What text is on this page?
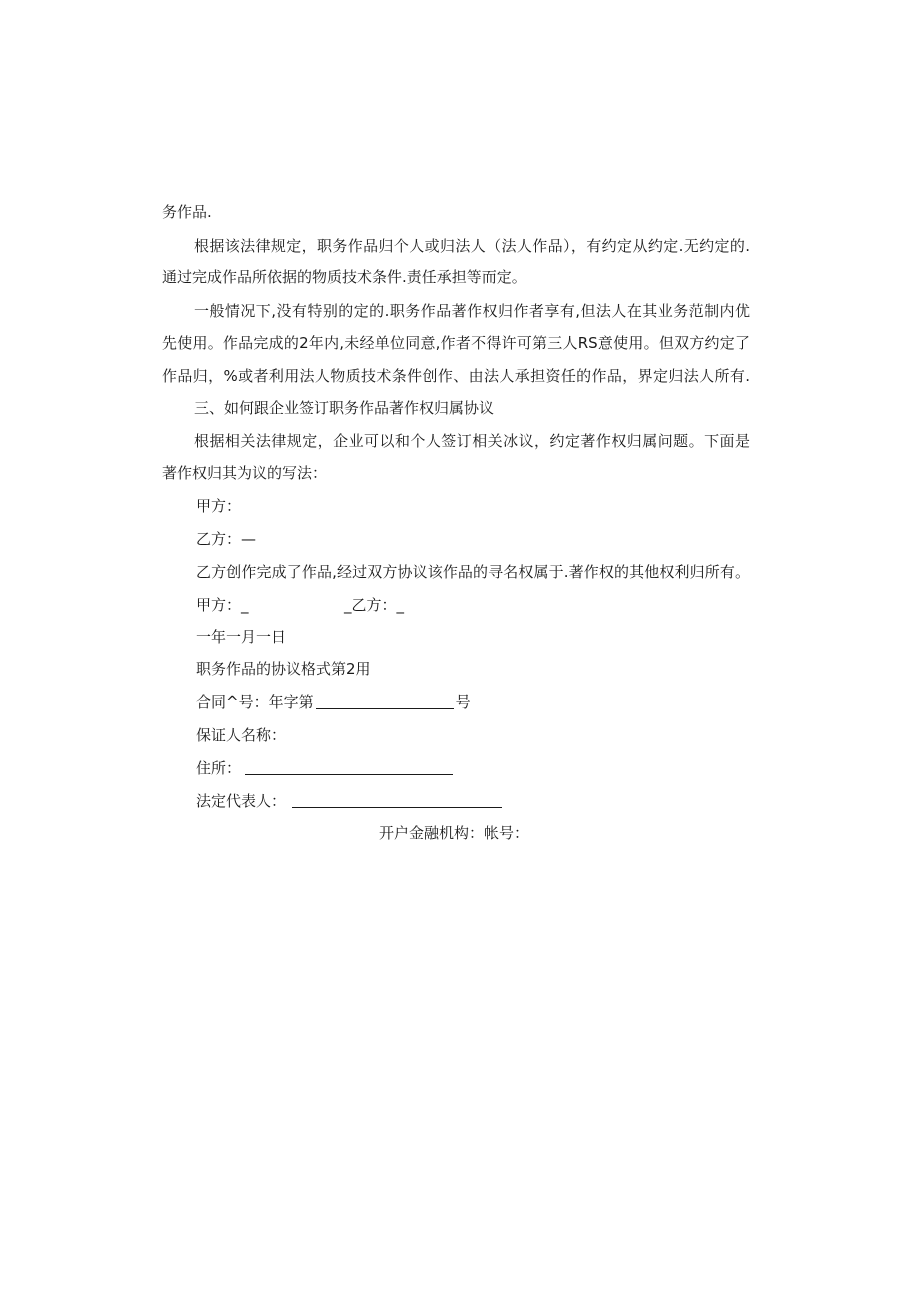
务作品.
根据该法律规定，职务作品归个人或归法人（法人作品），有约定从约定.无约定的.
通过完成作品所依据的物质技术条件.责任承担等而定。
一般情况下,没有特别的定的.职务作品著作权归作者享有,但法人在其业务范制内优
先使用。作品完成的2年内,未经单位同意,作者不得许可第三人RS意使用。但双方约定了
作品归，%或者利用法人物质技术条件创作、由法人承担资任的作品，界定归法人所有.
三、如何跟企业签订职务作品著作权归属协议
根据相关法律规定，企业可以和个人签订相关冰议，约定著作权归属问题。下面是
著作权归其为议的写法：
甲方：
乙方：—
乙方创作完成了作品,经过双方协议该作品的寻名权属于.著作权的其他权利归所有。
甲方：_	_乙方：_
一年一月一日
职务作品的协议格式第2用
合同^号：年字第	号
保证人名称：
住所：
法定代表人：
开户金融机构：帐号：
